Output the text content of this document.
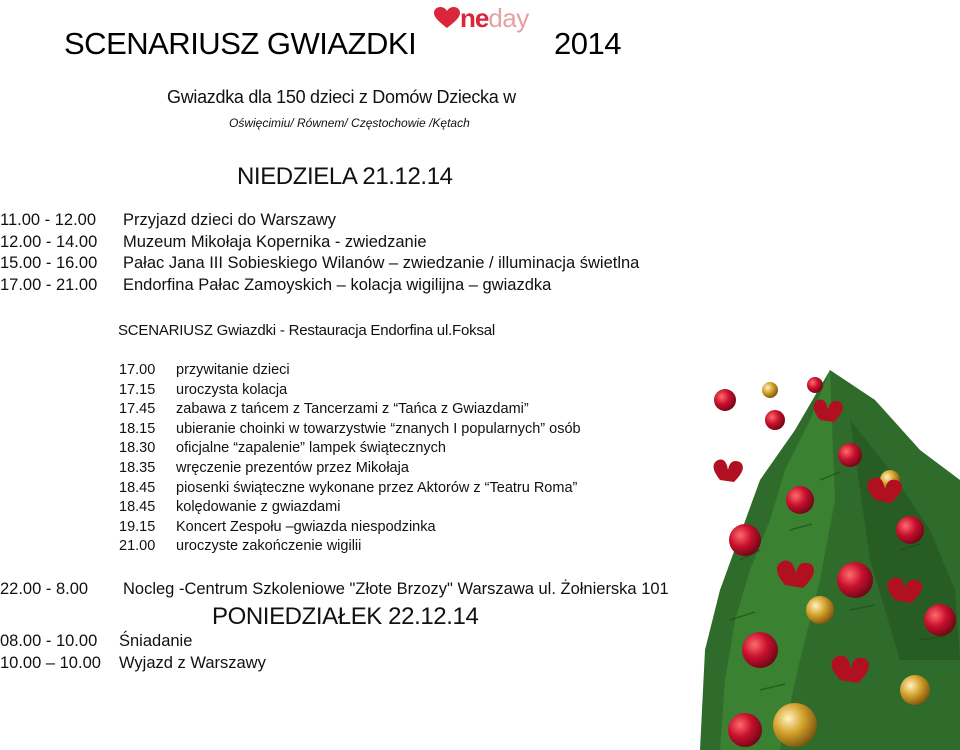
SCENARIUSZ GWIAZDKI
ne day
2014
Gwiazdka dla 150 dzieci z Domów Dziecka w
Oświęcimiu/ Równem/ Częstochowie /Kętach
NIEDZIELA 21.12.14
11.00 - 12.00	Przyjazd dzieci do Warszawy
12.00 - 14.00	Muzeum Mikołaja Kopernika - zwiedzanie
15.00 - 16.00	Pałac Jana III Sobieskiego Wilanów – zwiedzanie / illuminacja świetlna
17.00 - 21.00	Endorfina Pałac Zamoyskich – kolacja wigilijna – gwiazdka
SCENARIUSZ Gwiazdki - Restauracja Endorfina ul.Foksal
17.00	przywitanie dzieci
17.15	uroczysta kolacja
17.45	zabawa z tańcem z Tancerzami z “Tańca z Gwiazdami”
18.15	ubieranie choinki w towarzystwie “znanych I popularnych” osób
18.30	oficjalne “zapalenie” lampek świątecznych
18.35	wręczenie prezentów przez Mikołaja
18.45	piosenki świąteczne wykonane przez Aktorów z “Teatru Roma”
18.45	kolędowanie z gwiazdami
19.15	Koncert Zespołu –gwiazda niespodzinka
21.00	uroczyste zakończenie wigilii
22.00 - 8.00 Nocleg -Centrum Szkoleniowe "Złote Brzozy" Warszawa ul. Żołnierska 101
PONIEDZIAŁEK 22.12.14
08.00 - 10.00	Śniadanie
10.00 – 10.00	Wyjazd z Warszawy
